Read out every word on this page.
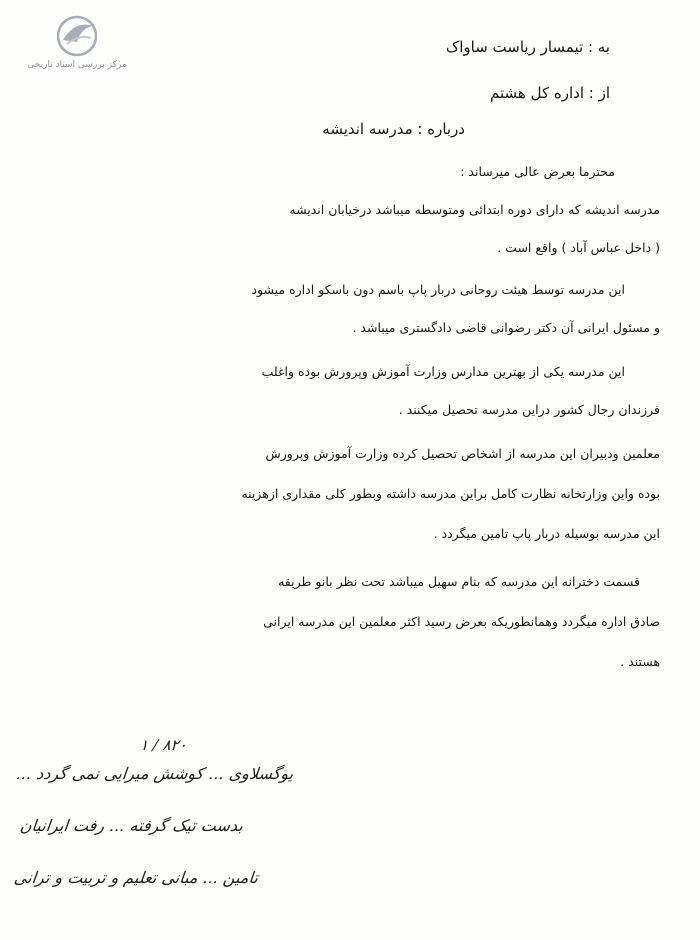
مرکز بررسی اسناد تاریخی
به : تیمسار ریاست ساواک
از : اداره کل هشتم
درباره : مدرسه اندیشه
محترما بعرض عالی میرساند :
مدرسه اندیشه که دارای دوره ابتدائی ومتوسطه میباشد درخیابان اندیشه
( داخل عباس آباد ) واقع است .
این مدرسه توسط هیئت روحانی دربار پاپ باسم دون باسکو اداره میشود
و مسئول ایرانی آن دکتر رضوانی قاضی دادگستری میباشد .
این مدرسه یکی از بهترین مدارس وزارت آموزش وپرورش بوده واغلب
فرزندان رجال کشور دراین مدرسه تحصیل میکنند .
معلمین ودبیران این مدرسه از اشخاص تحصیل کرده وزارت آموزش وپرورش
بوده واین وزارتخانه نظارت کامل براین مدرسه داشته وبطور کلی مقداری ازهزینه
این مدرسه بوسیله دربار پاپ تامین میگردد .
قسمت دخترانه این مدرسه که بنام سهیل میباشد تحت نظر بانو طریقه
صادق اداره میگردد وهمانطوریکه بعرض رسید اکثر معلمین این مدرسه ایرانی
هستند .
۸۲۰ / ۱
یوگسلاوی ... کوشش میرایی نمی گردد ...
بدست تیک گرفته ... رفت ایرانیان
تامین ... مبانی تعلیم و تربیت و ترانی
